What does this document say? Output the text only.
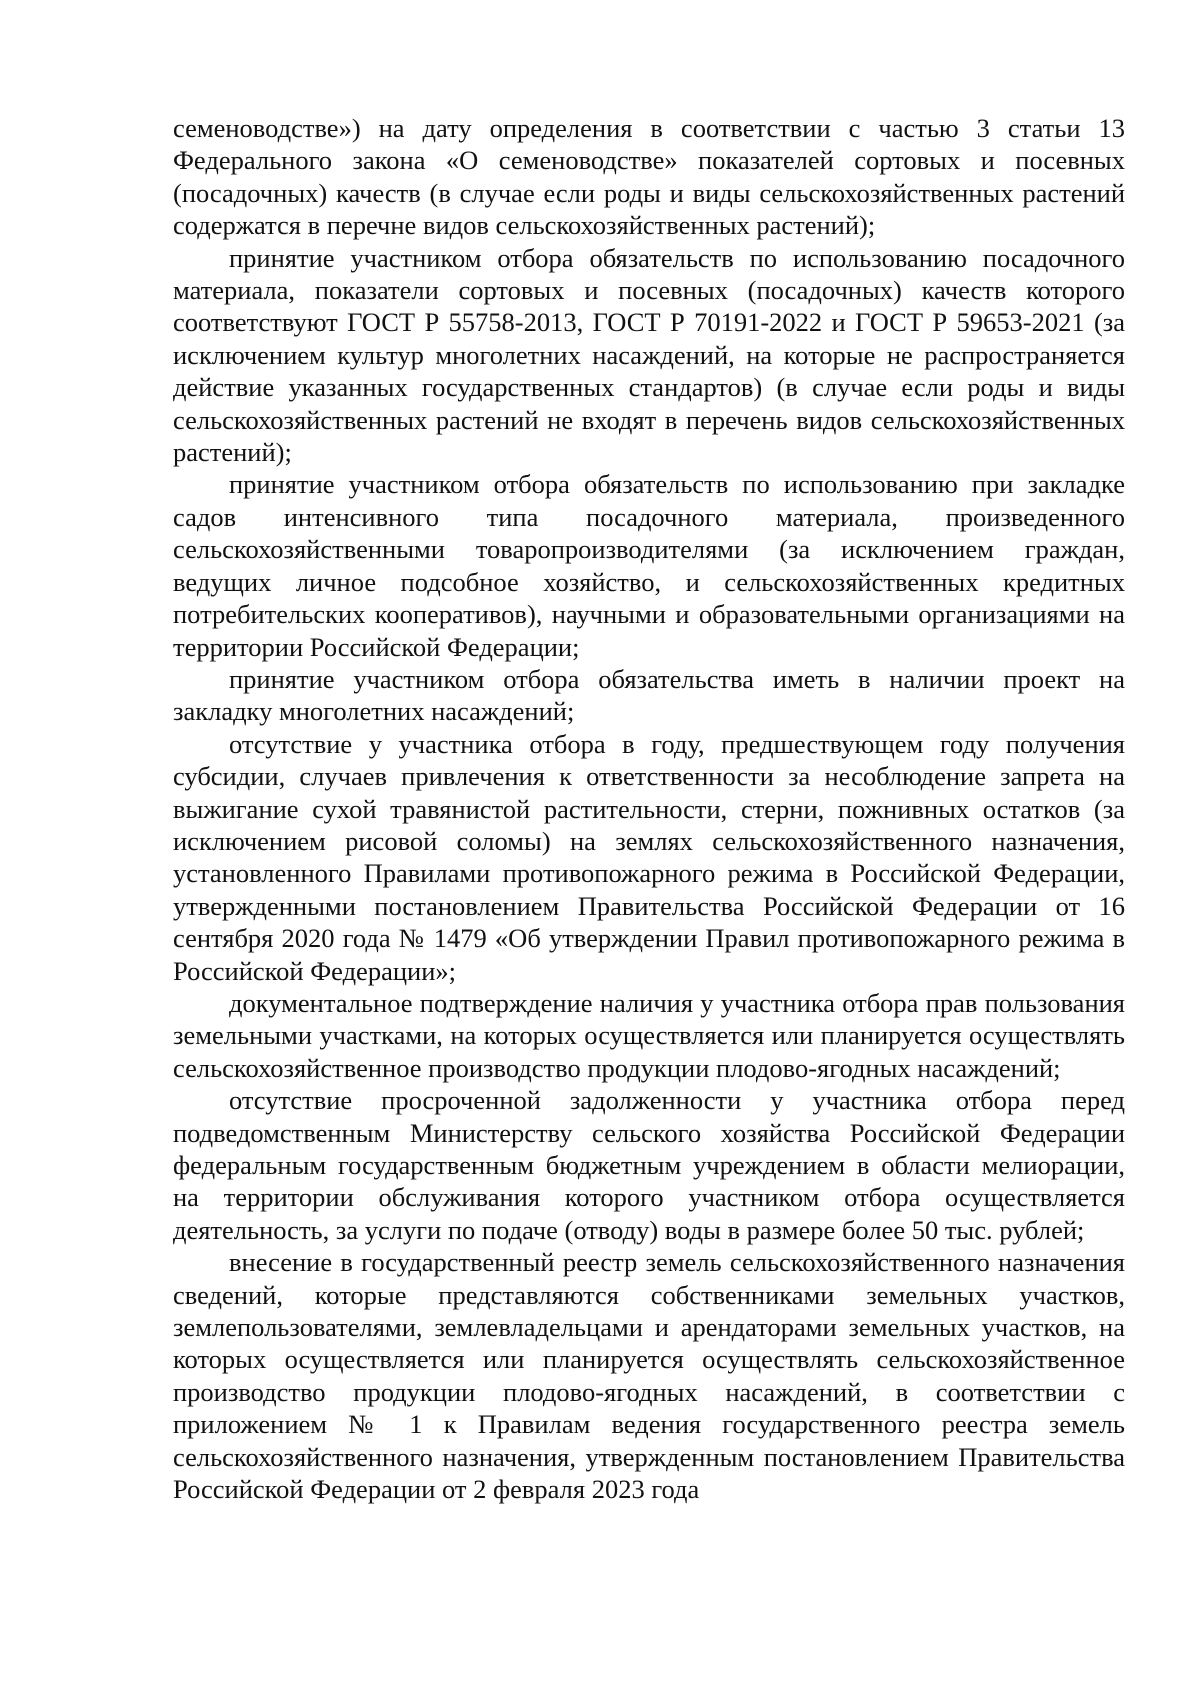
семеноводстве») на дату определения в соответствии с частью 3 статьи 13 Федерального закона «О семеноводстве» показателей сортовых и посевных (посадочных) качеств (в случае если роды и виды сельскохозяйственных растений содержатся в перечне видов сельскохозяйственных растений);

принятие участником отбора обязательств по использованию посадочного материала, показатели сортовых и посевных (посадочных) качеств которого соответствуют ГОСТ Р 55758-2013, ГОСТ Р 70191-2022 и ГОСТ Р 59653-2021 (за исключением культур многолетних насаждений, на которые не распространяется действие указанных государственных стандартов) (в случае если роды и виды сельскохозяйственных растений не входят в перечень видов сельскохозяйственных растений);

принятие участником отбора обязательств по использованию при закладке садов интенсивного типа посадочного материала, произведенного сельскохозяйственными товаропроизводителями (за исключением граждан, ведущих личное подсобное хозяйство, и сельскохозяйственных кредитных потребительских кооперативов), научными и образовательными организациями на территории Российской Федерации;

принятие участником отбора обязательства иметь в наличии проект на закладку многолетних насаждений;

отсутствие у участника отбора в году, предшествующем году получения субсидии, случаев привлечения к ответственности за несоблюдение запрета на выжигание сухой травянистой растительности, стерни, пожнивных остатков (за исключением рисовой соломы) на землях сельскохозяйственного назначения, установленного Правилами противопожарного режима в Российской Федерации, утвержденными постановлением Правительства Российской Федерации от 16 сентября 2020 года № 1479 «Об утверждении Правил противопожарного режима в Российской Федерации»;

документальное подтверждение наличия у участника отбора прав пользования земельными участками, на которых осуществляется или планируется осуществлять сельскохозяйственное производство продукции плодово-ягодных насаждений;

отсутствие просроченной задолженности у участника отбора перед подведомственным Министерству сельского хозяйства Российской Федерации федеральным государственным бюджетным учреждением в области мелиорации, на территории обслуживания которого участником отбора осуществляется деятельность, за услуги по подаче (отводу) воды в размере более 50 тыс. рублей;

внесение в государственный реестр земель сельскохозяйственного назначения сведений, которые представляются собственниками земельных участков, землепользователями, землевладельцами и арендаторами земельных участков, на которых осуществляется или планируется осуществлять сельскохозяйственное производство продукции плодово-ягодных насаждений, в соответствии с приложением № 1 к Правилам ведения государственного реестра земель сельскохозяйственного назначения, утвержденным постановлением Правительства Российской Федерации от 2 февраля 2023 года
